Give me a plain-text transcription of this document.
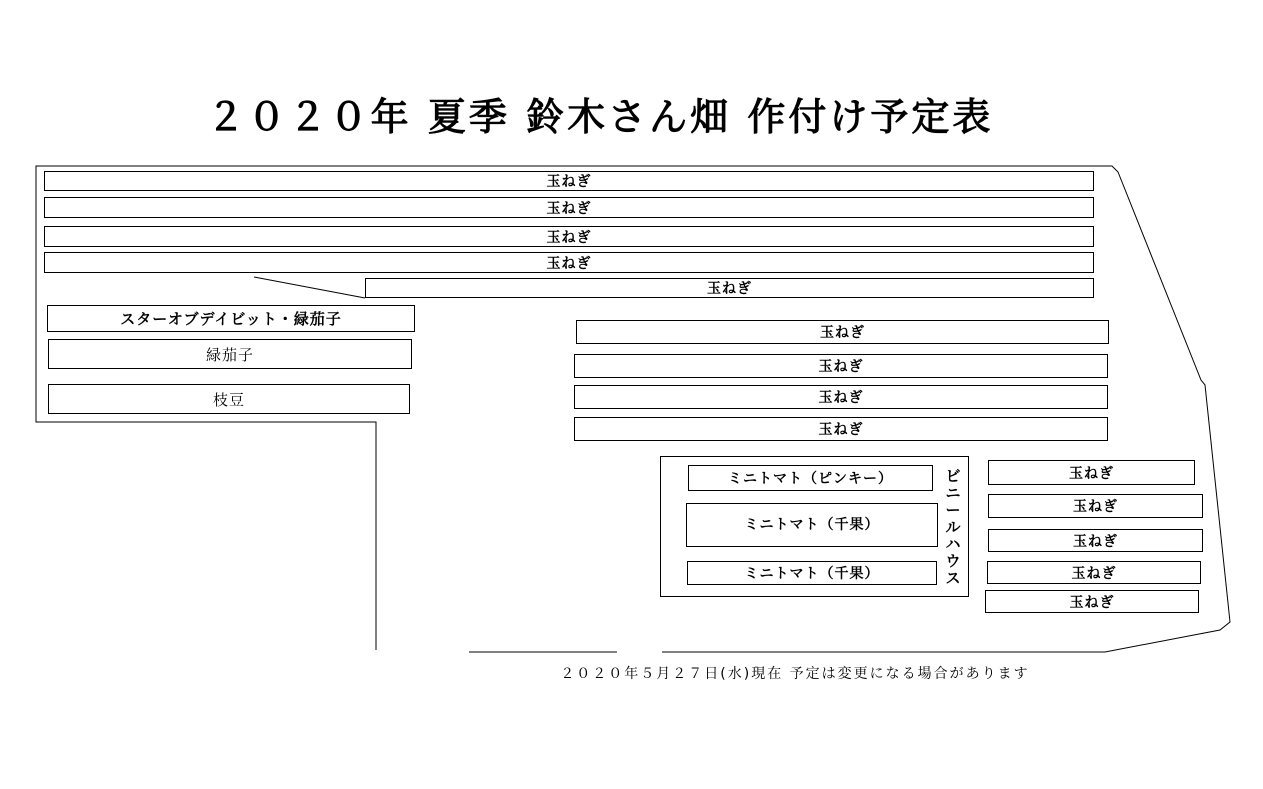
２０２０年 夏季 鈴木さん畑 作付け予定表
玉ねぎ
玉ねぎ
玉ねぎ
玉ねぎ
玉ねぎ
スターオブデイビット・緑茄子
緑茄子
枝豆
玉ねぎ
玉ねぎ
玉ねぎ
玉ねぎ
ミニトマト（ピンキー）
ミニトマト（千果）
ミニトマト（千果）
ビニールハウス
玉ねぎ
玉ねぎ
玉ねぎ
玉ねぎ
玉ねぎ
２０２０年５月２７日(水)現在 予定は変更になる場合があります
